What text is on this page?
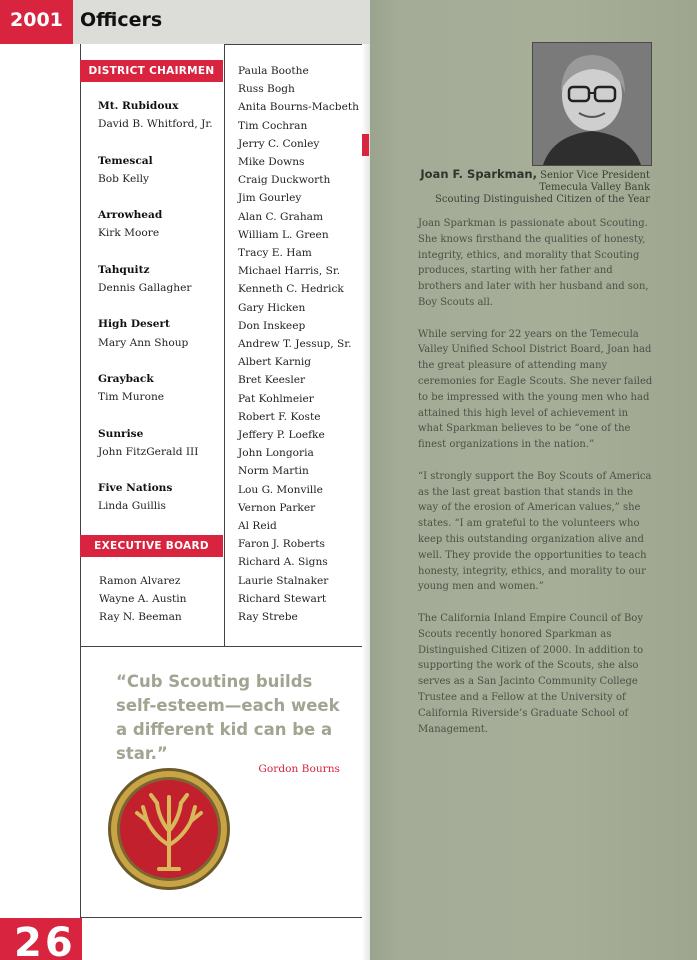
2001 Officers
DISTRICT CHAIRMEN
Mt. Rubidoux
David B. Whitford, Jr.
Temescal
Bob Kelly
Arrowhead
Kirk Moore
Tahquitz
Dennis Gallagher
High Desert
Mary Ann Shoup
Grayback
Tim Murone
Sunrise
John FitzGerald III
Five Nations
Linda Guillis
EXECUTIVE BOARD
Ramon Alvarez
Wayne A. Austin
Ray N. Beeman
Paula Boothe
Russ Bogh
Anita Bourns-Macbeth
Tim Cochran
Jerry C. Conley
Mike Downs
Craig Duckworth
Jim Gourley
Alan C. Graham
William L. Green
Tracy E. Ham
Michael Harris, Sr.
Kenneth C. Hedrick
Gary Hicken
Don Inskeep
Andrew T. Jessup, Sr.
Albert Karnig
Bret Keesler
Pat Kohlmeier
Robert F. Koste
Jeffery P. Loefke
John Longoria
Norm Martin
Lou G. Monville
Vernon Parker
Al Reid
Faron J. Roberts
Richard A. Signs
Laurie Stalnaker
Richard Stewart
Ray Strebe
“Cub Scouting builds self-esteem—each week a different kid can be a star.”
Gordon Bourns
26
Joan F. Sparkman, Senior Vice President
Temecula Valley Bank
Scouting Distinguished Citizen of the Year

Joan Sparkman is passionate about Scouting. She knows firsthand the qualities of honesty, integrity, ethics, and morality that Scouting produces, starting with her father and brothers and later with her husband and son, Boy Scouts all.

While serving for 22 years on the Temecula Valley Unified School District Board, Joan had the great pleasure of attending many ceremonies for Eagle Scouts. She never failed to be impressed with the young men who had attained this high level of achievement in what Sparkman believes to be “one of the finest organizations in the nation.”

“I strongly support the Boy Scouts of America as the last great bastion that stands in the way of the erosion of American values,” she states. “I am grateful to the volunteers who keep this outstanding organization alive and well. They provide the opportunities to teach honesty, integrity, ethics, and morality to our young men and women.”

The California Inland Empire Council of Boy Scouts recently honored Sparkman as Distinguished Citizen of 2000. In addition to supporting the work of the Scouts, she also serves as a San Jacinto Community College Trustee and a Fellow at the University of California Riverside’s Graduate School of Management.
